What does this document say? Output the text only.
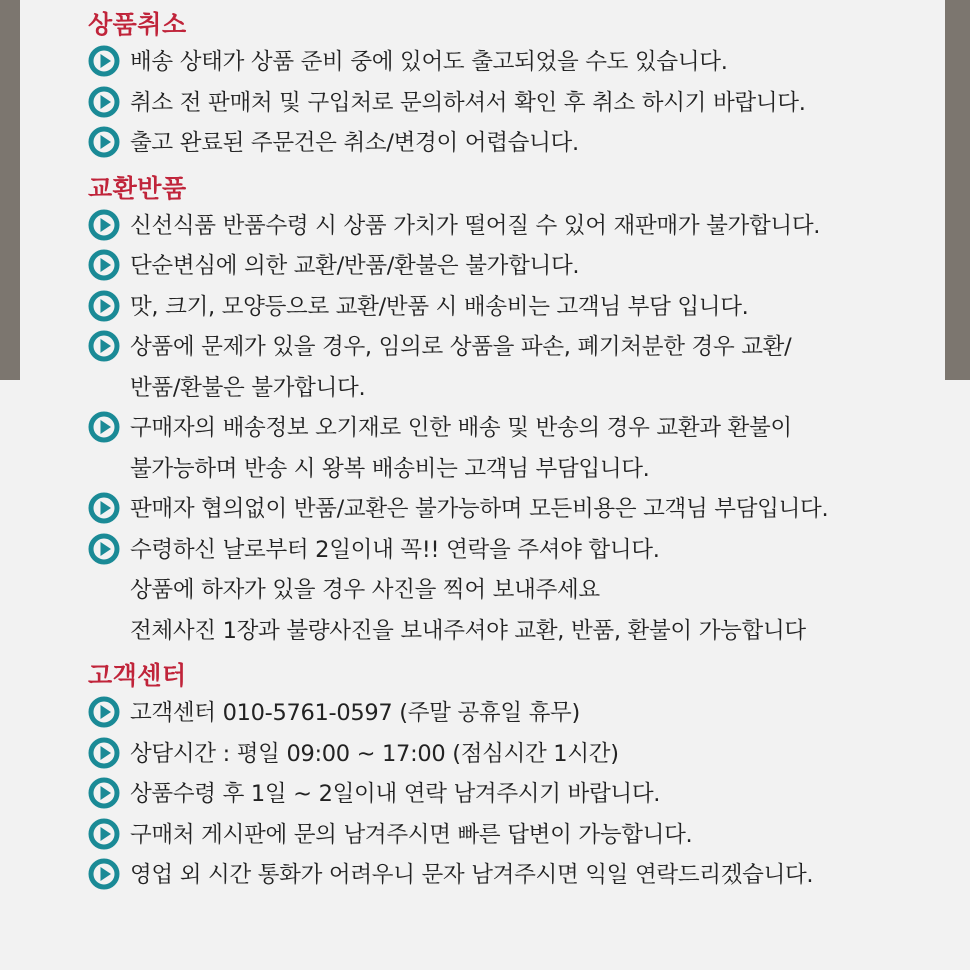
상품취소
배송 상태가 상품 준비 중에 있어도 출고되었을 수도 있습니다.
취소 전 판매처 및 구입처로 문의하셔서 확인 후 취소 하시기 바랍니다.
출고 완료된 주문건은 취소/변경이 어렵습니다.
교환반품
신선식품 반품수령 시 상품 가치가 떨어질 수 있어 재판매가 불가합니다.
단순변심에 의한 교환/반품/환불은 불가합니다.
맛, 크기, 모양등으로 교환/반품 시 배송비는 고객님 부담 입니다.
상품에 문제가 있을 경우, 임의로 상품을 파손, 폐기처분한 경우 교환/
반품/환불은 불가합니다.
구매자의 배송정보 오기재로 인한 배송 및 반송의 경우 교환과 환불이
불가능하며 반송 시 왕복 배송비는 고객님 부담입니다.
판매자 협의없이 반품/교환은 불가능하며 모든비용은 고객님 부담입니다.
수령하신 날로부터 2일이내 꼭!! 연락을 주셔야 합니다.
상품에 하자가 있을 경우 사진을 찍어 보내주세요
전체사진 1장과 불량사진을 보내주셔야 교환, 반품, 환불이 가능합니다
고객센터
고객센터 010-5761-0597 (주말 공휴일 휴무)
상담시간 : 평일 09:00 ~ 17:00 (점심시간 1시간)
상품수령 후 1일 ~ 2일이내 연락 남겨주시기 바랍니다.
구매처 게시판에 문의 남겨주시면 빠른 답변이 가능합니다.
영업 외 시간 통화가 어려우니 문자 남겨주시면 익일 연락드리겠습니다.
